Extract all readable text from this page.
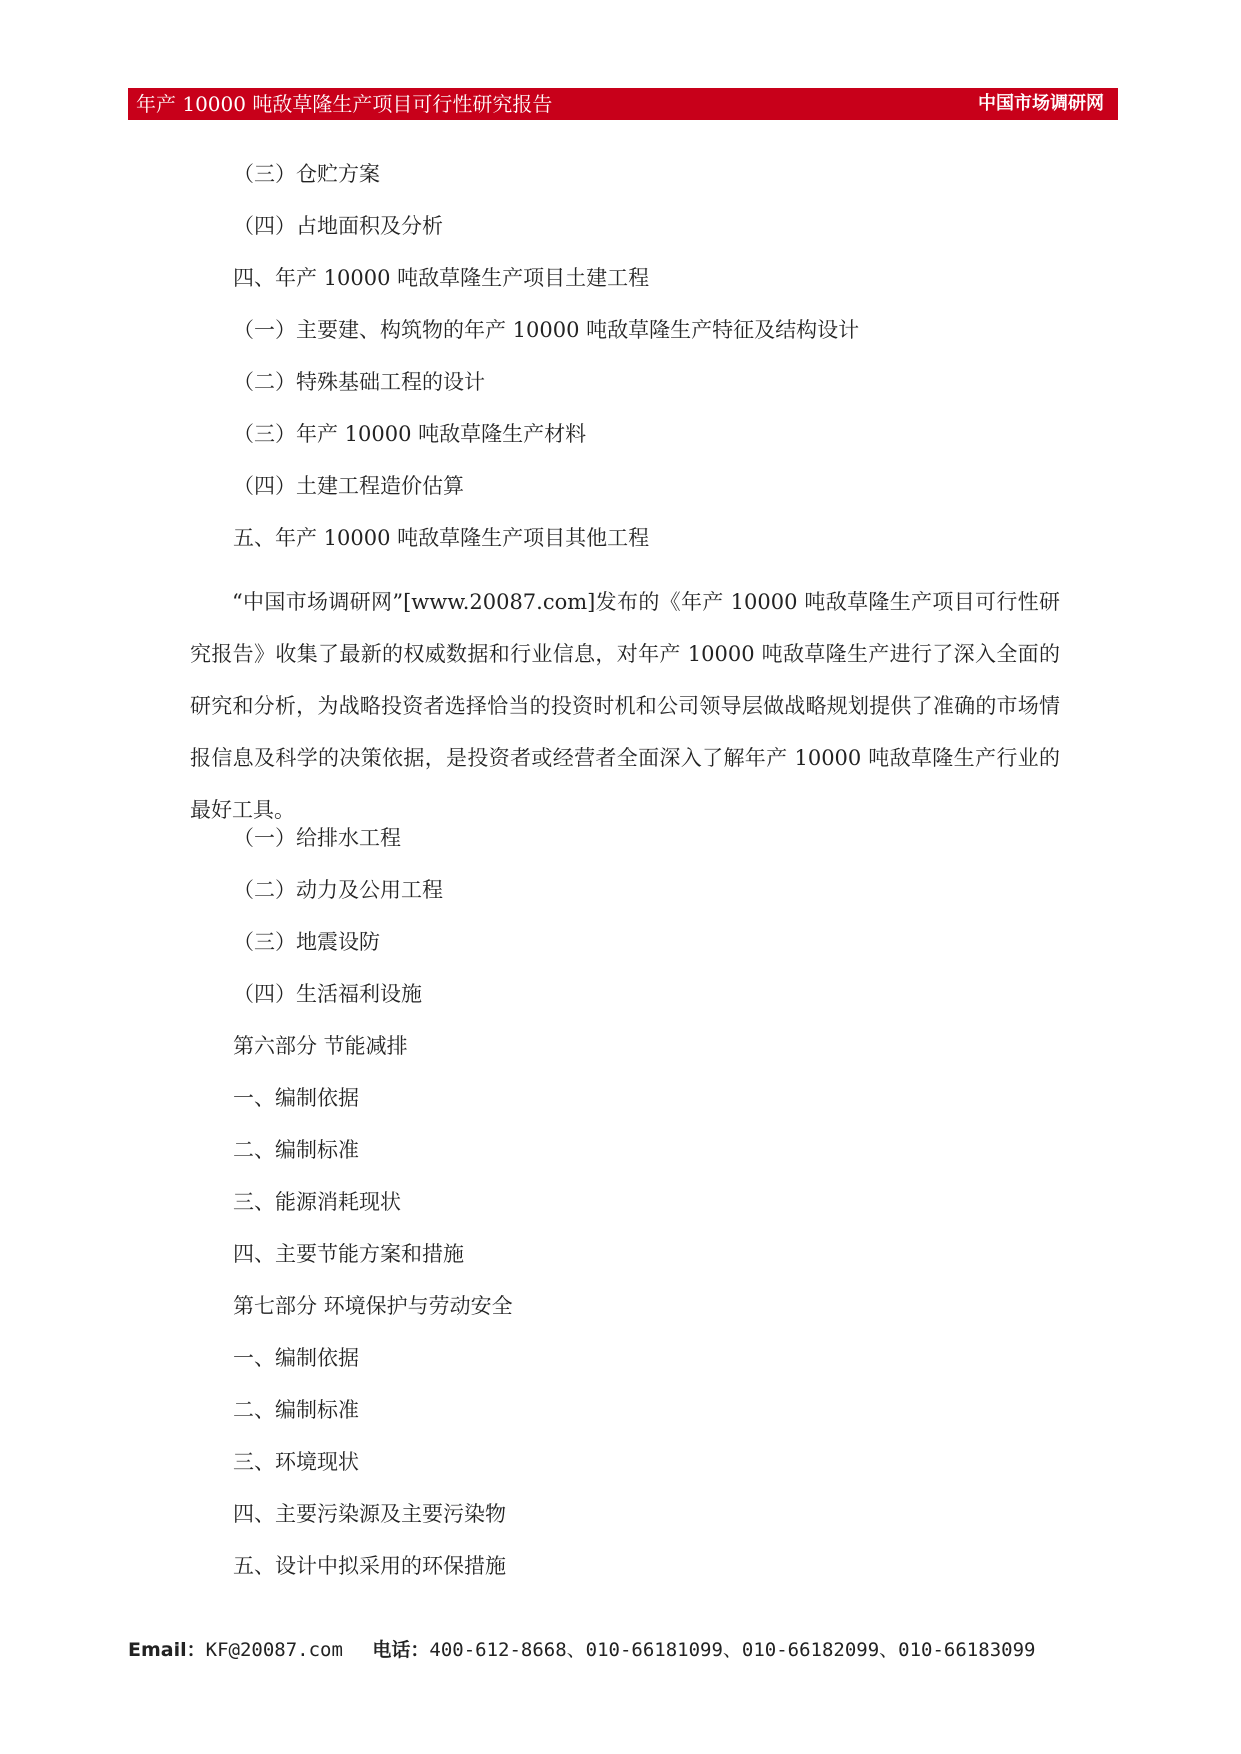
年产 10000 吨敌草隆生产项目可行性研究报告	中国市场调研网
（三）仓贮方案
（四）占地面积及分析
四、年产 10000 吨敌草隆生产项目土建工程
（一）主要建、构筑物的年产 10000 吨敌草隆生产特征及结构设计
（二）特殊基础工程的设计
（三）年产 10000 吨敌草隆生产材料
（四）土建工程造价估算
五、年产 10000 吨敌草隆生产项目其他工程

“中国市场调研网”[www.20087.com]发布的《年产 10000 吨敌草隆生产项目可行性研究报告》收集了最新的权威数据和行业信息，对年产 10000 吨敌草隆生产进行了深入全面的研究和分析，为战略投资者选择恰当的投资时机和公司领导层做战略规划提供了准确的市场情报信息及科学的决策依据，是投资者或经营者全面深入了解年产 10000 吨敌草隆生产行业的最好工具。

（一）给排水工程
（二）动力及公用工程
（三）地震设防
（四）生活福利设施
第六部分 节能减排
一、编制依据
二、编制标准
三、能源消耗现状
四、主要节能方案和措施
第七部分 环境保护与劳动安全
一、编制依据
二、编制标准
三、环境现状
四、主要污染源及主要污染物
五、设计中拟采用的环保措施
Email：KF@20087.com 电话：400-612-8668、010-66181099、010-66182099、010-66183099
